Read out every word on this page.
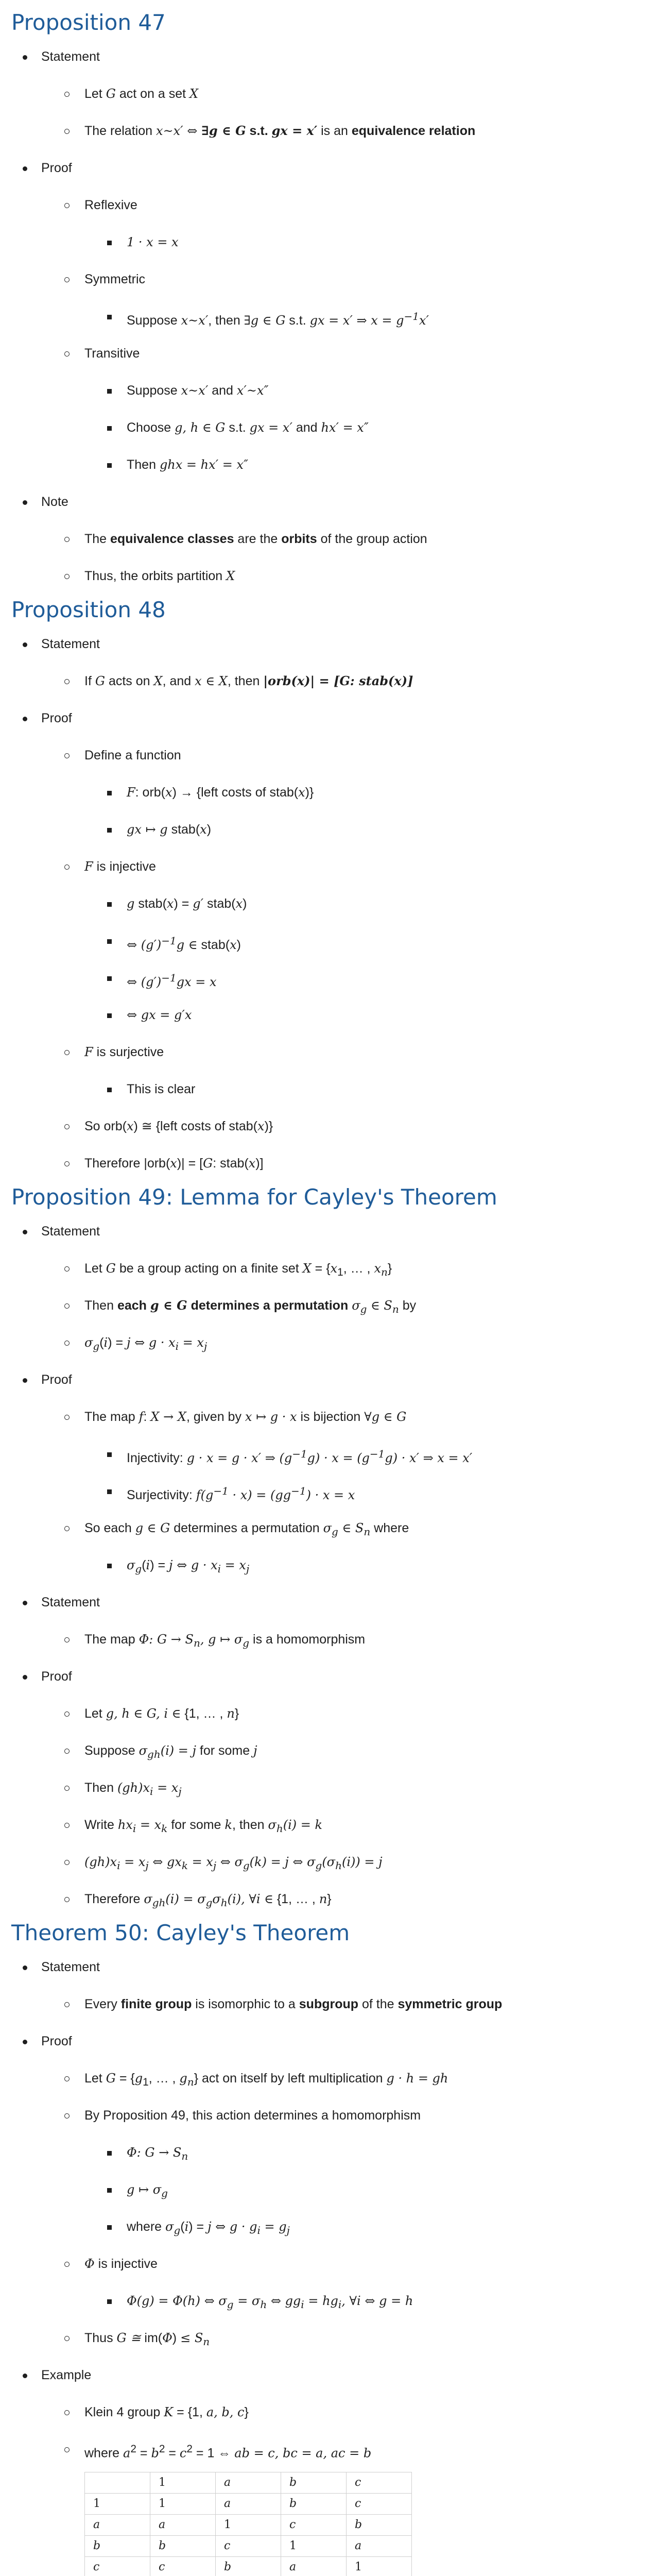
Proposition 47
Statement
Let G act on a set X
The relation x~x′ ⇔ ∃g ∈ G s.t. gx = x′ is an equivalence relation
Proof
Reflexive
1 · x = x
Symmetric
Suppose x~x′, then ∃g ∈ G s.t. gx = x′ ⇒ $x = g^{-1}x'$
Transitive
Suppose x~x′ and x′~x″
Choose g, h ∈ G s.t. gx = x′ and hx′ = x″
Then ghx = hx′ = x″
Note
The equivalence classes are the orbits of the group action
Thus, the orbits partition X
Proposition 48
Statement
If G acts on X, and x ∈ X, then |orb(x)| = [G: stab(x)]
Proof
Define a function
F: orb(x) → {left costs of stab(x)}
gx ↦ g stab(x)
F is injective
g stab(x) = g′ stab(x)
⇔ $(g')^{-1}g$ ∈ stab(x)
⇔ $(g')^{-1}gx = x$
⇔ gx = g′x
F is surjective
This is clear
So orb(x) ≅ {left costs of stab(x)}
Therefore |orb(x)| = [G: stab(x)]
Proposition 49: Lemma for Cayley's Theorem
Statement
Let G be a group acting on a finite set $X = \{x_1$, … , $x_n$}
Then each g ∈ G determines a permutation $\sigma_g$ ∈ $S_n$ by
$\sigma_g(i) = j$ ⇔ $g \cdot x_i = x_j$
Proof
The map f: X → X, given by x ↦ g · x is bijection ∀g ∈ G
Injectivity: g · x = g · x′ ⇒ $(g^{-1}g) \cdot x = (g^{-1}g) \cdot x'$ ⇒ x = x′
Surjectivity: $f(g^{-1} \cdot x) = (gg^{-1}) \cdot x = x$
So each g ∈ G determines a permutation $\sigma_g$ ∈ $S_n$ where
$\sigma_g(i) = j$ ⇔ $g \cdot x_i = x_j$
Statement
The map Φ: $G \to S_n$, g ↦ $\sigma_g$ is a homomorphism
Proof
Let g, h ∈ G, i ∈ {1, … , n}
Suppose $\sigma_{gh}(i) = j$ for some j
Then $(gh)x_i = x_j$
Write $hx_i = x_k$ for some k, then $\sigma_h(i) = k$
$(gh)x_i = x_j$ ⇔ $gx_k = x_j$ ⇔ $\sigma_g(k) = j$ ⇔ $\sigma_g(\sigma_h(i)) = j$
Therefore $\sigma_{gh}(i) = \sigma_g\sigma_h(i)$, ∀i ∈ {1, … , n}
Theorem 50: Cayley's Theorem
Statement
Every finite group is isomorphic to a subgroup of the symmetric group
Proof
Let $G = \{g_1$, … , $g_n$} act on itself by left multiplication g · h = gh
By Proposition 49, this action determines a homomorphism
Φ: $G \to S_n$
g ↦ $\sigma_g$
where $\sigma_g(i) = j$ ⇔ $g \cdot g_i = g_j$
Φ is injective
Φ(g) = Φ(h) ⇔ $\sigma_g = \sigma_h$ ⇔ $gg_i = hg_i$, ∀i ⇔ g = h
Thus G ≅ $im(\Phi) \le S_n$
Example
Klein 4 group K = {1, a, b, c}
where $a^2 = b^2 = c^2 = 1$ ⇔ ab = c, bc = a, ac = b
	1	a	b	c
1	1	a	b	c
a	a	1	c	b
b	b	c	1	a
c	c	b	a	1
